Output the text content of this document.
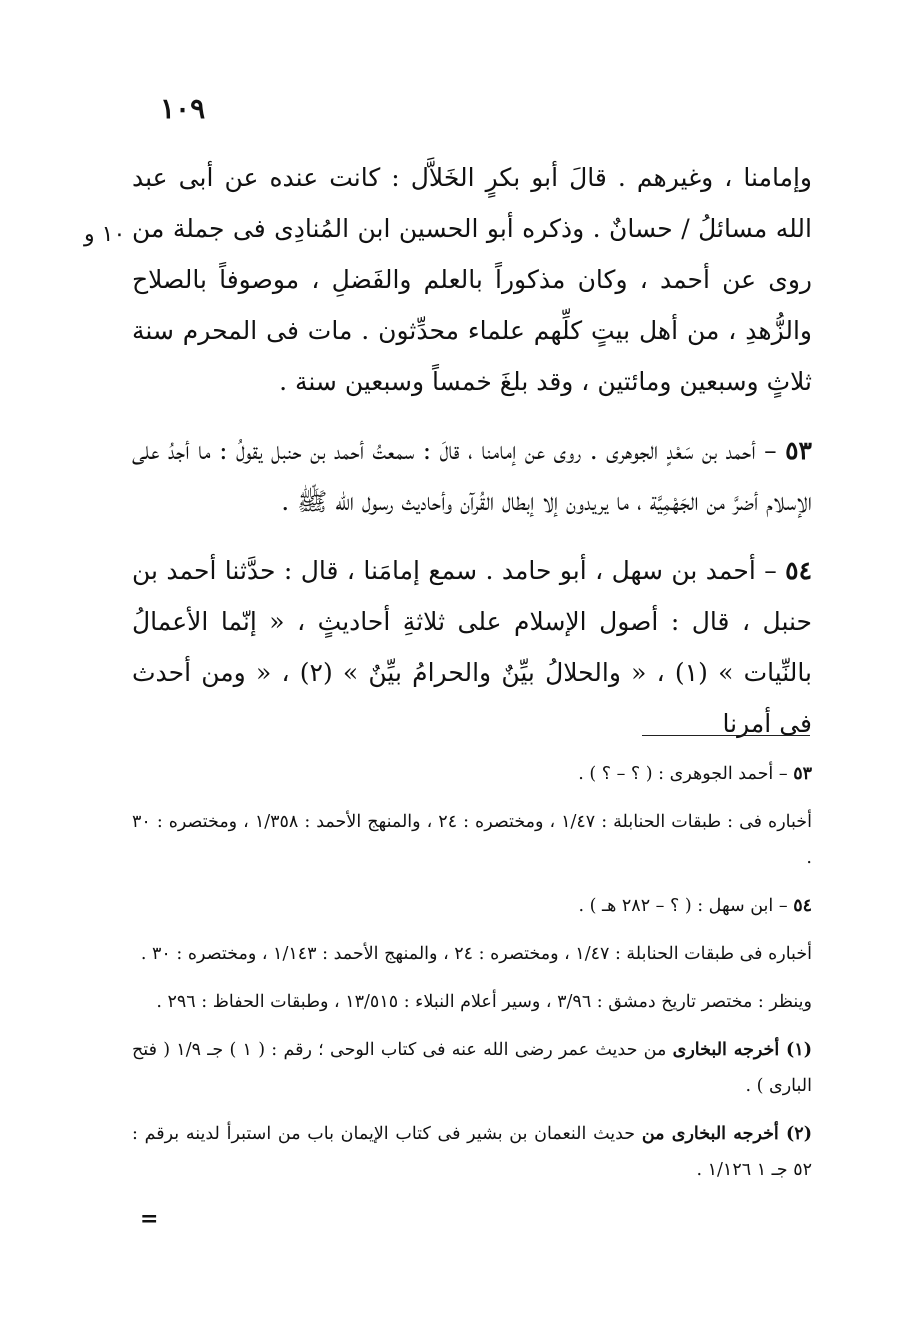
١٠٩
١٠ و

وإمامنا ، وغيرهم . قالَ أبو بكرٍ الخَلاَّل : كانت عنده عن أبى عبد الله مسائلُ / حسانٌ . وذكره أبو الحسين ابن المُنادِى فى جملة من روى عن أحمد ، وكان مذكوراً بالعلم والفَضلِ ، موصوفاً بالصلاح والزُّهدِ ، من أهل بيتٍ كلِّهم علماء محدِّثون . مات فى المحرم سنة ثلاثٍ وسبعين ومائتين ، وقد بلغَ خمساً وسبعين سنة .

٥٣ – أحمد بن سَعْدٍ الجوهرى . روى عن إمامنا ، قالَ : سمعتُ أحمد بن حنبل يقولُ : ما أجدُ على الإسلام أضرَّ من الجَهْمِيَّة ، ما يريدون إلا إبطال القُرآن وأحاديث رسول الله ﷺ .

٥٤ – أحمد بن سهل ، أبو حامد . سمع إمامَنا ، قال : حدَّثنا أحمد بن حنبل ، قال : أصول الإسلام على ثلاثةِ أحاديثٍ ، « إنّما الأعمالُ بالنِّيات » (١) ، « والحلالُ بيِّنٌ والحرامُ بيِّنٌ » (٢) ، « ومن أحدث فى أمرنا

٥٣ – أحمد الجوهرى : ( ؟ – ؟ ) .

أخباره فى : طبقات الحنابلة : ١/٤٧ ، ومختصره : ٢٤ ، والمنهج الأحمد : ١/٣٥٨ ، ومختصره : ٣٠ .

٥٤ – ابن سهل : ( ؟ – ٢٨٢ هـ ) .

أخباره فى طبقات الحنابلة : ١/٤٧ ، ومختصره : ٢٤ ، والمنهج الأحمد : ١/١٤٣ ، ومختصره : ٣٠ .

وينظر : مختصر تاريخ دمشق : ٣/٩٦ ، وسير أعلام النبلاء : ١٣/٥١٥ ، وطبقات الحفاظ : ٢٩٦ .

(١) أخرجه البخارى من حديث عمر رضى الله عنه فى كتاب الوحى ؛ رقم : ( ١ ) جـ ١/٩ ( فتح البارى ) .

(٢) أخرجه البخارى من حديث النعمان بن بشير فى كتاب الإيمان باب من استبرأ لدينه برقم : ٥٢ جـ ١ ١/١٢٦ .

=
